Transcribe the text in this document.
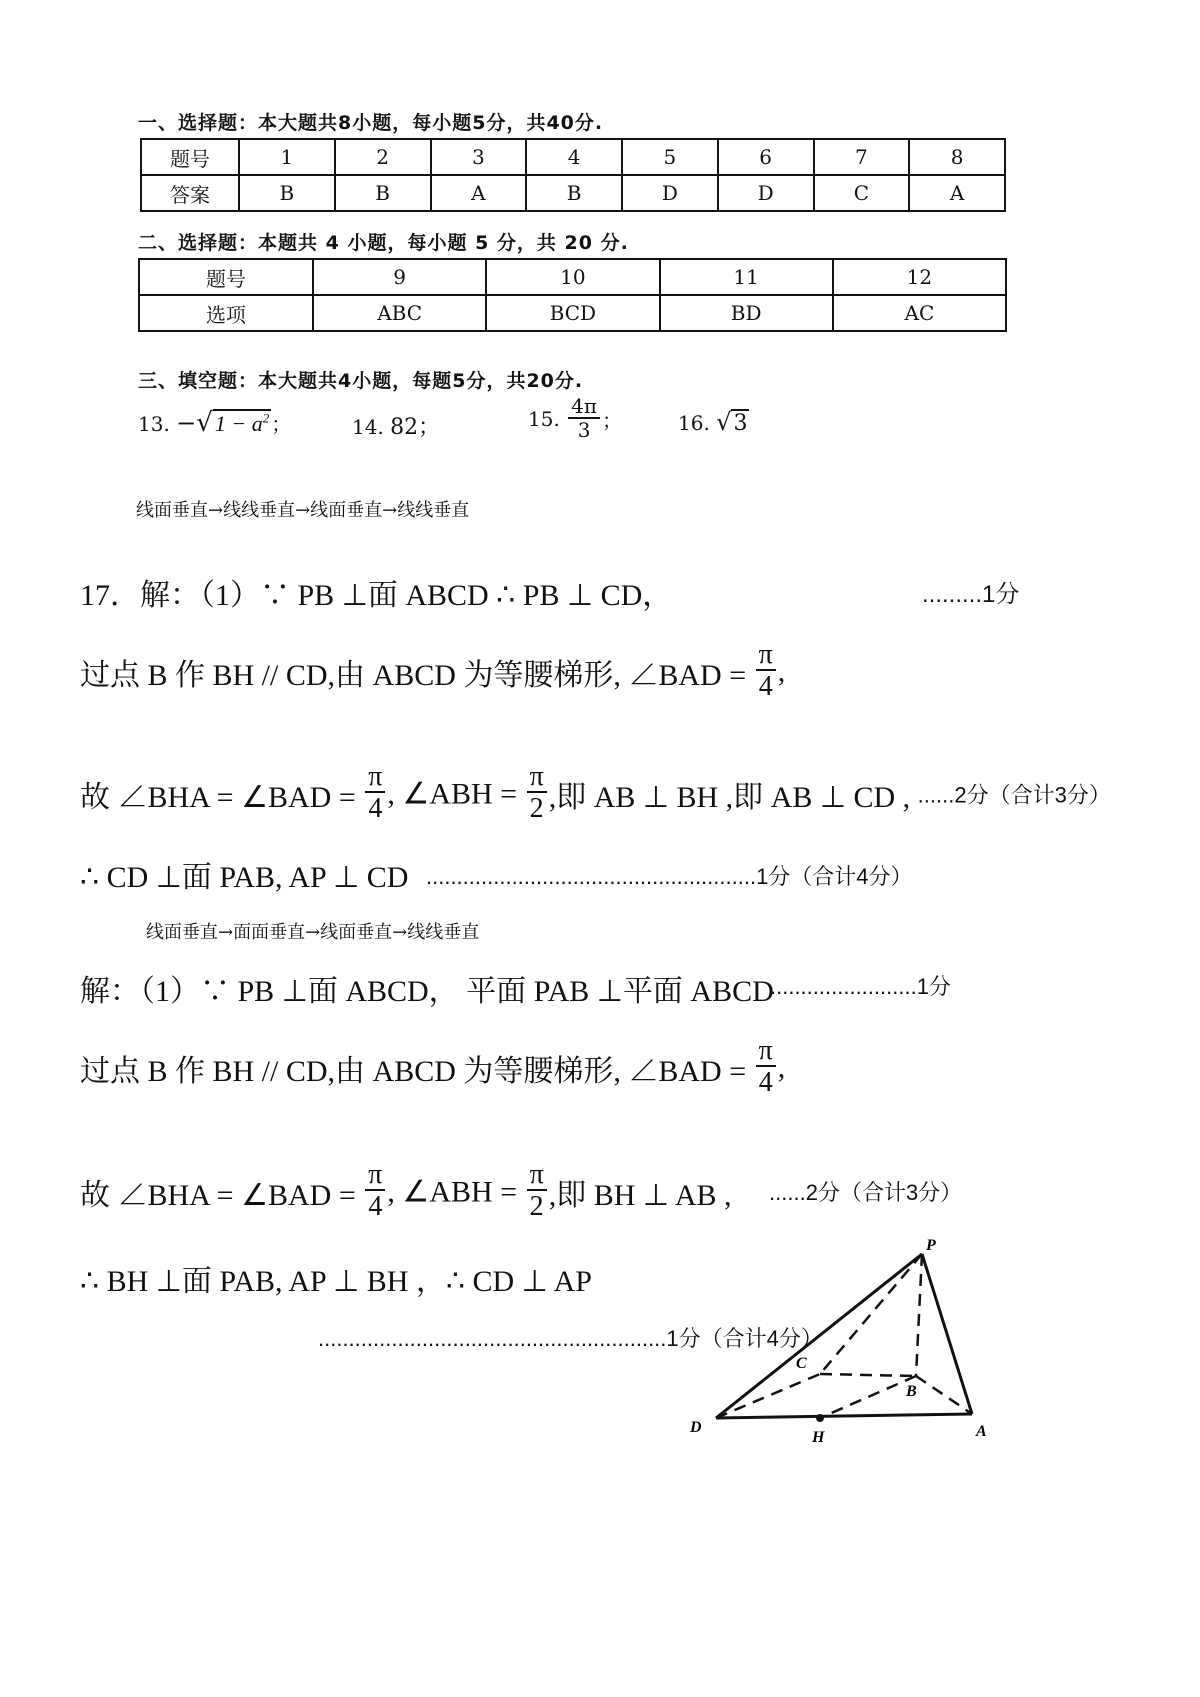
一、选择题：本大题共8小题，每小题5分，共40分.
题号	1	2	3	4	5	6	7	8
答案	B	B	A	B	D	D	C	A
二、选择题：本题共 4 小题，每小题 5 分，共 20 分.
题号	9	10	11	12
选项	ABC	BCD	BD	AC
三、填空题：本大题共4小题，每题5分，共20分.
13. $-√1 - a^2$ ；	14. 82；	15. $\frac{4\pi}{3}$ ；	16. √3
线面垂直→线线垂直→线面垂直→线线垂直
17．解：（1）∵ PB ⊥面 ABCD ∴ PB ⊥ CD，	.........1分
过点 B 作 BH // CD,由 ABCD 为等腰梯形, ∠BAD = $\frac{\pi}{4}$ ,
故 ∠BHA = ∠BAD = $\frac{\pi}{4}$ , ∠ABH = $\frac{\pi}{2}$ ,即 AB ⊥ BH ,即 AB ⊥ CD , ......2分（合计3分）
∴ CD ⊥面 PAB, AP ⊥ CD ......................................................1分（合计4分）
线面垂直→面面垂直→线面垂直→线线垂直
解：（1）∵ PB ⊥面 ABCD， 平面 PAB ⊥平面 ABCD
........................1分
过点 B 作 BH // CD,由 ABCD 为等腰梯形, ∠BAD = $\frac{\pi}{4}$ ,
故 ∠BHA = ∠BAD = $\frac{\pi}{4}$ , ∠ABH = $\frac{\pi}{2}$ ,即 BH ⊥ AB , ......2分（合计3分）
∴ BH ⊥面 PAB, AP ⊥ BH ，∴ CD ⊥ AP
.........................................................1分（合计4分）
P
C
B
D
H	A
